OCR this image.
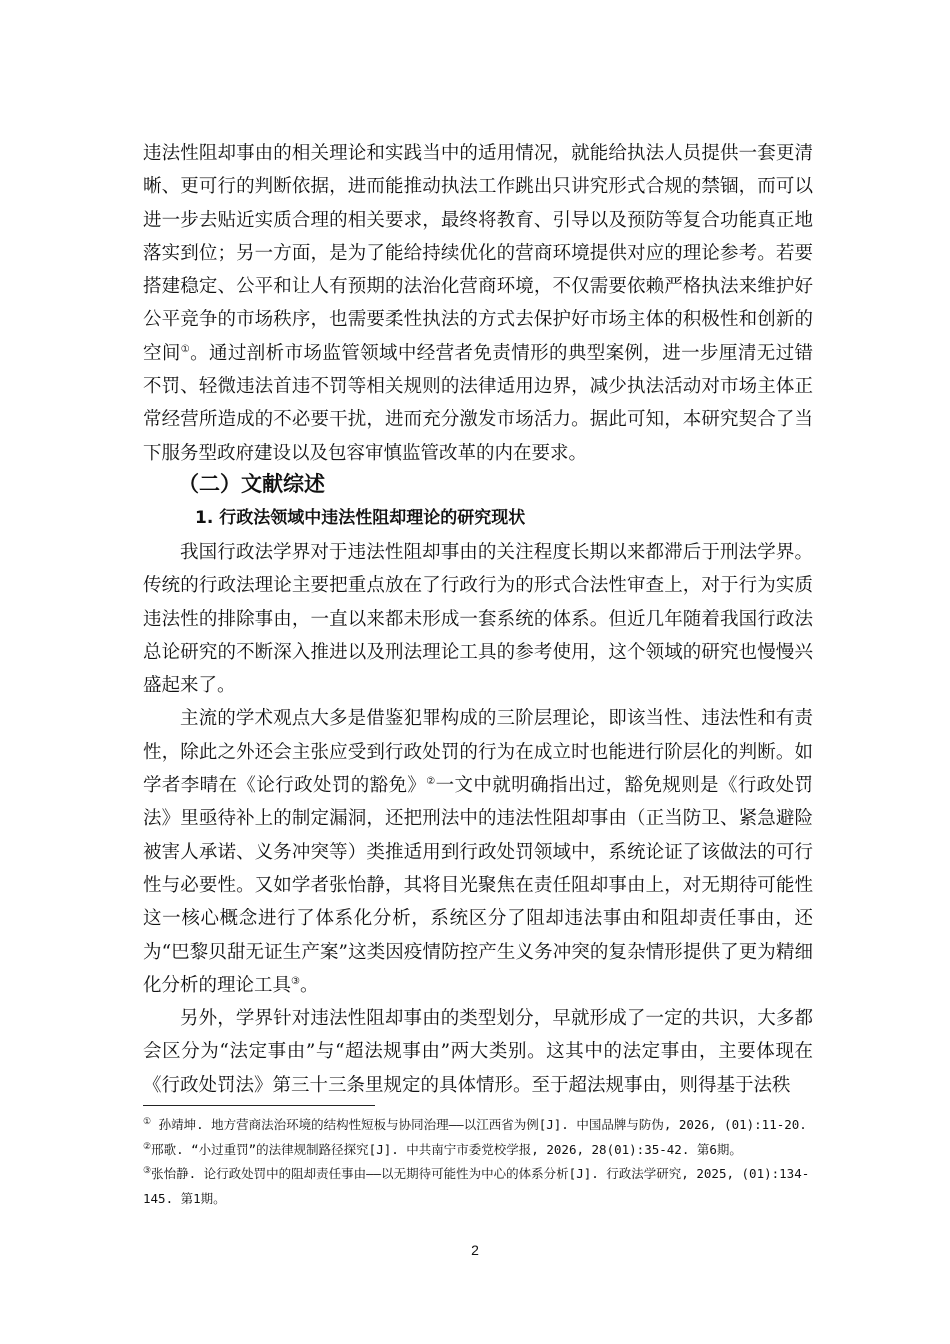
违法性阻却事由的相关理论和实践当中的适用情况，就能给执法人员提供一套更清晰、更可行的判断依据，进而能推动执法工作跳出只讲究形式合规的禁锢，而可以进一步去贴近实质合理的相关要求，最终将教育、引导以及预防等复合功能真正地落实到位；另一方面，是为了能给持续优化的营商环境提供对应的理论参考。若要搭建稳定、公平和让人有预期的法治化营商环境，不仅需要依赖严格执法来维护好公平竞争的市场秩序，也需要柔性执法的方式去保护好市场主体的积极性和创新的空间①。通过剖析市场监管领域中经营者免责情形的典型案例，进一步厘清无过错不罚、轻微违法首违不罚等相关规则的法律适用边界，减少执法活动对市场主体正常经营所造成的不必要干扰，进而充分激发市场活力。据此可知，本研究契合了当下服务型政府建设以及包容审慎监管改革的内在要求。

（二）文献综述
1. 行政法领域中违法性阻却理论的研究现状

我国行政法学界对于违法性阻却事由的关注程度长期以来都滞后于刑法学界。传统的行政法理论主要把重点放在了行政行为的形式合法性审查上，对于行为实质违法性的排除事由，一直以来都未形成一套系统的体系。但近几年随着我国行政法总论研究的不断深入推进以及刑法理论工具的参考使用，这个领域的研究也慢慢兴盛起来了。

主流的学术观点大多是借鉴犯罪构成的三阶层理论，即该当性、违法性和有责性，除此之外还会主张应受到行政处罚的行为在成立时也能进行阶层化的判断。如学者李晴在《论行政处罚的豁免》②一文中就明确指出过，豁免规则是《行政处罚法》里亟待补上的制定漏洞，还把刑法中的违法性阻却事由（正当防卫、紧急避险被害人承诺、义务冲突等）类推适用到行政处罚领域中，系统论证了该做法的可行性与必要性。又如学者张怡静，其将目光聚焦在责任阻却事由上，对无期待可能性这一核心概念进行了体系化分析，系统区分了阻却违法事由和阻却责任事由，还为“巴黎贝甜无证生产案”这类因疫情防控产生义务冲突的复杂情形提供了更为精细化分析的理论工具③。

另外，学界针对违法性阻却事由的类型划分，早就形成了一定的共识，大多都会区分为“法定事由”与“超法规事由”两大类别。这其中的法定事由，主要体现在《行政处罚法》第三十三条里规定的具体情形。至于超法规事由，则得基于法秩

① 孙靖坤. 地方营商法治环境的结构性短板与协同治理——以江西省为例[J]. 中国品牌与防伪, 2026, (01):11-20.

②邢歌. “小过重罚”的法律规制路径探究[J]. 中共南宁市委党校学报, 2026, 28(01):35-42. 第6期。

③张怡静. 论行政处罚中的阻却责任事由——以无期待可能性为中心的体系分析[J]. 行政法学研究, 2025, (01):134-145. 第1期。

2
